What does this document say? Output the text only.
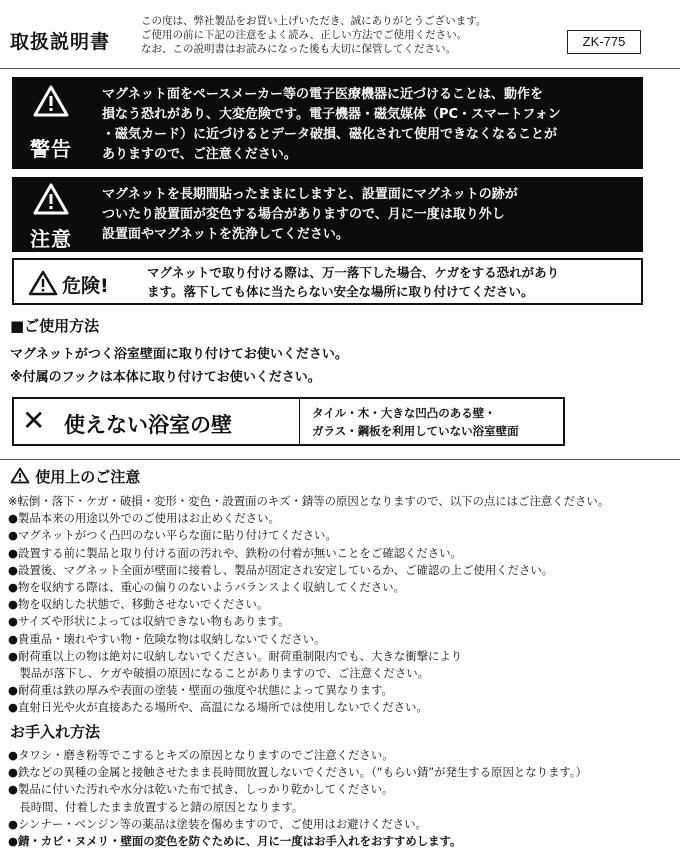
取扱説明書
この度は、弊社製品をお買い上げいただき、誠にありがとうございます。
ご使用の前に下記の注意をよく読み、正しい方法でご使用ください。
なお、この説明書はお読みになった後も大切に保管してください。	ZK-775
警告
マグネット面をペースメーカー等の電子医療機器に近づけることは、動作を
損なう恐れがあり、大変危険です。電子機器・磁気媒体（PC・スマートフォン
・磁気カード）に近づけるとデータ破損、磁化されて使用できなくなることが
ありますので、ご注意ください。
注意
マグネットを長期間貼ったままにしますと、設置面にマグネットの跡が
ついたり設置面が変色する場合がありますので、月に一度は取り外し
設置面やマグネットを洗浄してください。
危険!
マグネットで取り付ける際は、万一落下した場合、ケガをする恐れがあり
ます。落下しても体に当たらない安全な場所に取り付けてください。
■ご使用方法
マグネットがつく浴室壁面に取り付けてお使いください。
※付属のフックは本体に取り付けてお使いください。
✕ 使えない浴室の壁	タイル・木・大きな凹凸のある壁・
ガラス・鋼板を利用していない浴室壁面
使用上のご注意
※転倒・落下・ケガ・破損・変形・変色・設置面のキズ・錆等の原因となりますので、以下の点にはご注意ください。
●製品本来の用途以外でのご使用はお止めください。
●マグネットがつく凸凹のない平らな面に貼り付けてください。
●設置する前に製品と取り付ける面の汚れや、鉄粉の付着が無いことをご確認ください。
●設置後、マグネット全面が壁面に接着し、製品が固定され安定しているか、ご確認の上ご使用ください。
●物を収納する際は、重心の偏りのないようバランスよく収納してください。
●物を収納した状態で、移動させないでください。
●サイズや形状によっては収納できない物もあります。
●貴重品・壊れやすい物・危険な物は収納しないでください。
●耐荷重以上の物は絶対に収納しないでください。耐荷重制限内でも、大きな衝撃により
　製品が落下し、ケガや破損の原因になることがありますので、ご注意ください。
●耐荷重は鉄の厚みや表面の塗装・壁面の強度や状態によって異なります。
●直射日光や火が直接あたる場所や、高温になる場所では使用しないでください。
お手入れ方法
●タワシ・磨き粉等でこするとキズの原因となりますのでご注意ください。
●鉄などの異種の金属と接触させたまま長時間放置しないでください。（“もらい錆”が発生する原因となります。）
●製品に付いた汚れや水分は乾いた布で拭き、しっかり乾かしてください。
　長時間、付着したまま放置すると錆の原因となります。
●シンナー・ベンジン等の薬品は塗装を傷めますので、ご使用はお避けください。
●錆・カビ・ヌメリ・壁面の変色を防ぐために、月に一度はお手入れをおすすめします。
